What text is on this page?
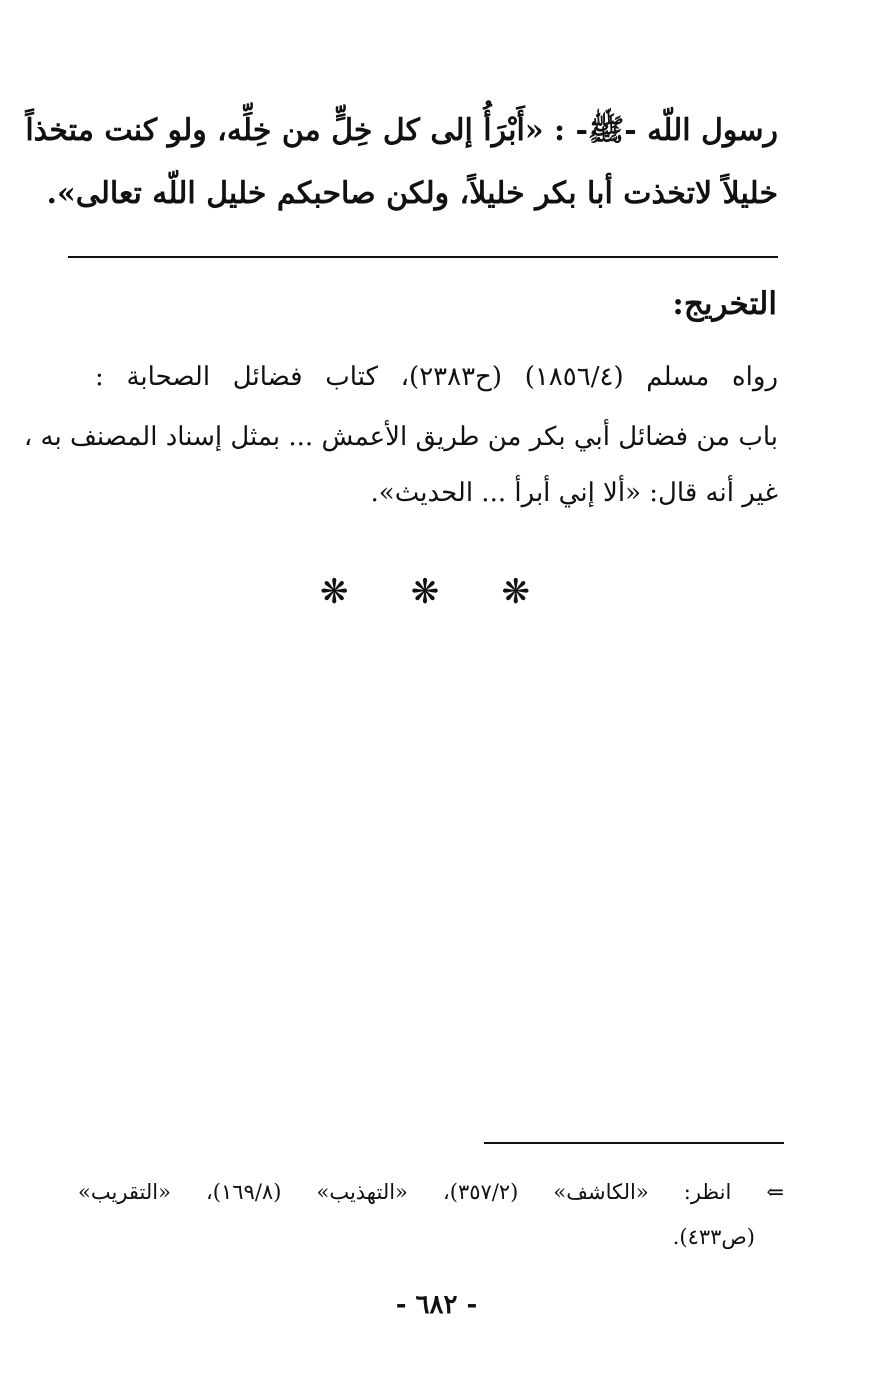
رسول اللّه -ﷺ- : «أَبْرَأُ إلى كل خِلٍّ من خِلِّه، ولو كنت متخذاً
خليلاً لاتخذت أبا بكر خليلاً، ولكن صاحبكم خليل اللّه تعالى».
التخريج:
رواه مسلم (١٨٥٦/٤) (ح٢٣٨٣)، كتاب فضائل الصحابة :
باب من فضائل أبي بكر من طريق الأعمش ... بمثل إسناد المصنف به ،
غير أنه قال: «ألا إني أبرأ ... الحديث».
❋ ❋ ❋
⇐ انظر: «الكاشف» (٣٥٧/٢)، «التهذيب» (١٦٩/٨)، «التقريب»
(ص٤٣٣).
- ٦٨٢ -
